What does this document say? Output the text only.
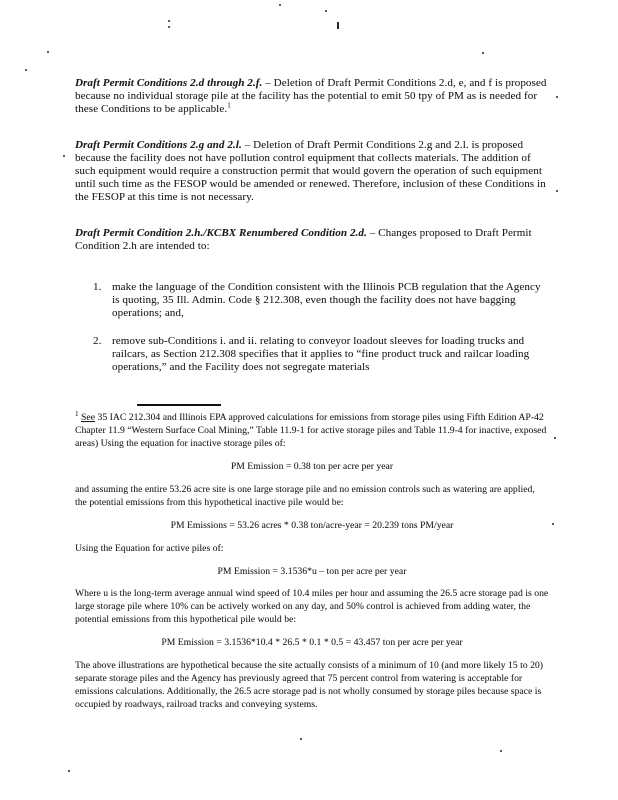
Draft Permit Conditions 2.d through 2.f. – Deletion of Draft Permit Conditions 2.d, e, and f is proposed because no individual storage pile at the facility has the potential to emit 50 tpy of PM as is needed for these Conditions to be applicable.$^1$

Draft Permit Conditions 2.g and 2.l. – Deletion of Draft Permit Conditions 2.g and 2.l. is proposed because the facility does not have pollution control equipment that collects materials. The addition of such equipment would require a construction permit that would govern the operation of such equipment until such time as the FESOP would be amended or renewed. Therefore, inclusion of these Conditions in the FESOP at this time is not necessary.

Draft Permit Condition 2.h./KCBX Renumbered Condition 2.d. – Changes proposed to Draft Permit Condition 2.h are intended to:

1. make the language of the Condition consistent with the Illinois PCB regulation that the Agency is quoting, 35 Ill. Admin. Code § 212.308, even though the facility does not have bagging operations; and,
2. remove sub-Conditions i. and ii. relating to conveyor loadout sleeves for loading trucks and railcars, as Section 212.308 specifies that it applies to “fine product truck and railcar loading operations,” and the Facility does not segregate materials

$^1$ See 35 IAC 212.304 and Illinois EPA approved calculations for emissions from storage piles using Fifth Edition AP-42 Chapter 11.9 “Western Surface Coal Mining,” Table 11.9-1 for active storage piles and Table 11.9-4 for inactive, exposed areas) Using the equation for inactive storage piles of:

PM Emission = 0.38 ton per acre per year

and assuming the entire 53.26 acre site is one large storage pile and no emission controls such as watering are applied, the potential emissions from this hypothetical inactive pile would be:

PM Emissions = 53.26 acres * 0.38 ton/acre-year = 20.239 tons PM/year

Using the Equation for active piles of:

PM Emission = 3.1536*u – ton per acre per year

Where u is the long-term average annual wind speed of 10.4 miles per hour and assuming the 26.5 acre storage pad is one large storage pile where 10% can be actively worked on any day, and 50% control is achieved from adding water, the potential emissions from this hypothetical pile would be:

PM Emission = 3.1536*10.4 * 26.5 * 0.1 * 0.5 = 43.457 ton per acre per year

The above illustrations are hypothetical because the site actually consists of a minimum of 10 (and more likely 15 to 20) separate storage piles and the Agency has previously agreed that 75 percent control from watering is acceptable for emissions calculations. Additionally, the 26.5 acre storage pad is not wholly consumed by storage piles because space is occupied by roadways, railroad tracks and conveying systems.
